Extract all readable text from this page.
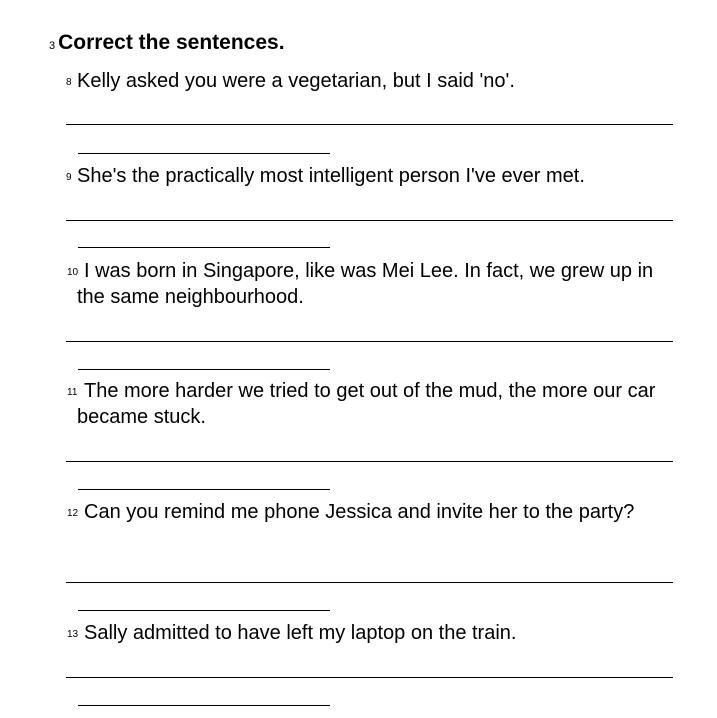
3 Correct the sentences.
8 Kelly asked you were a vegetarian, but I said 'no'.
9 She's the practically most intelligent person I've ever met.
10 I was born in Singapore, like was Mei Lee. In fact, we grew up in the same neighbourhood.
11 The more harder we tried to get out of the mud, the more our car became stuck.
12 Can you remind me phone Jessica and invite her to the party?
13 Sally admitted to have left my laptop on the train.
